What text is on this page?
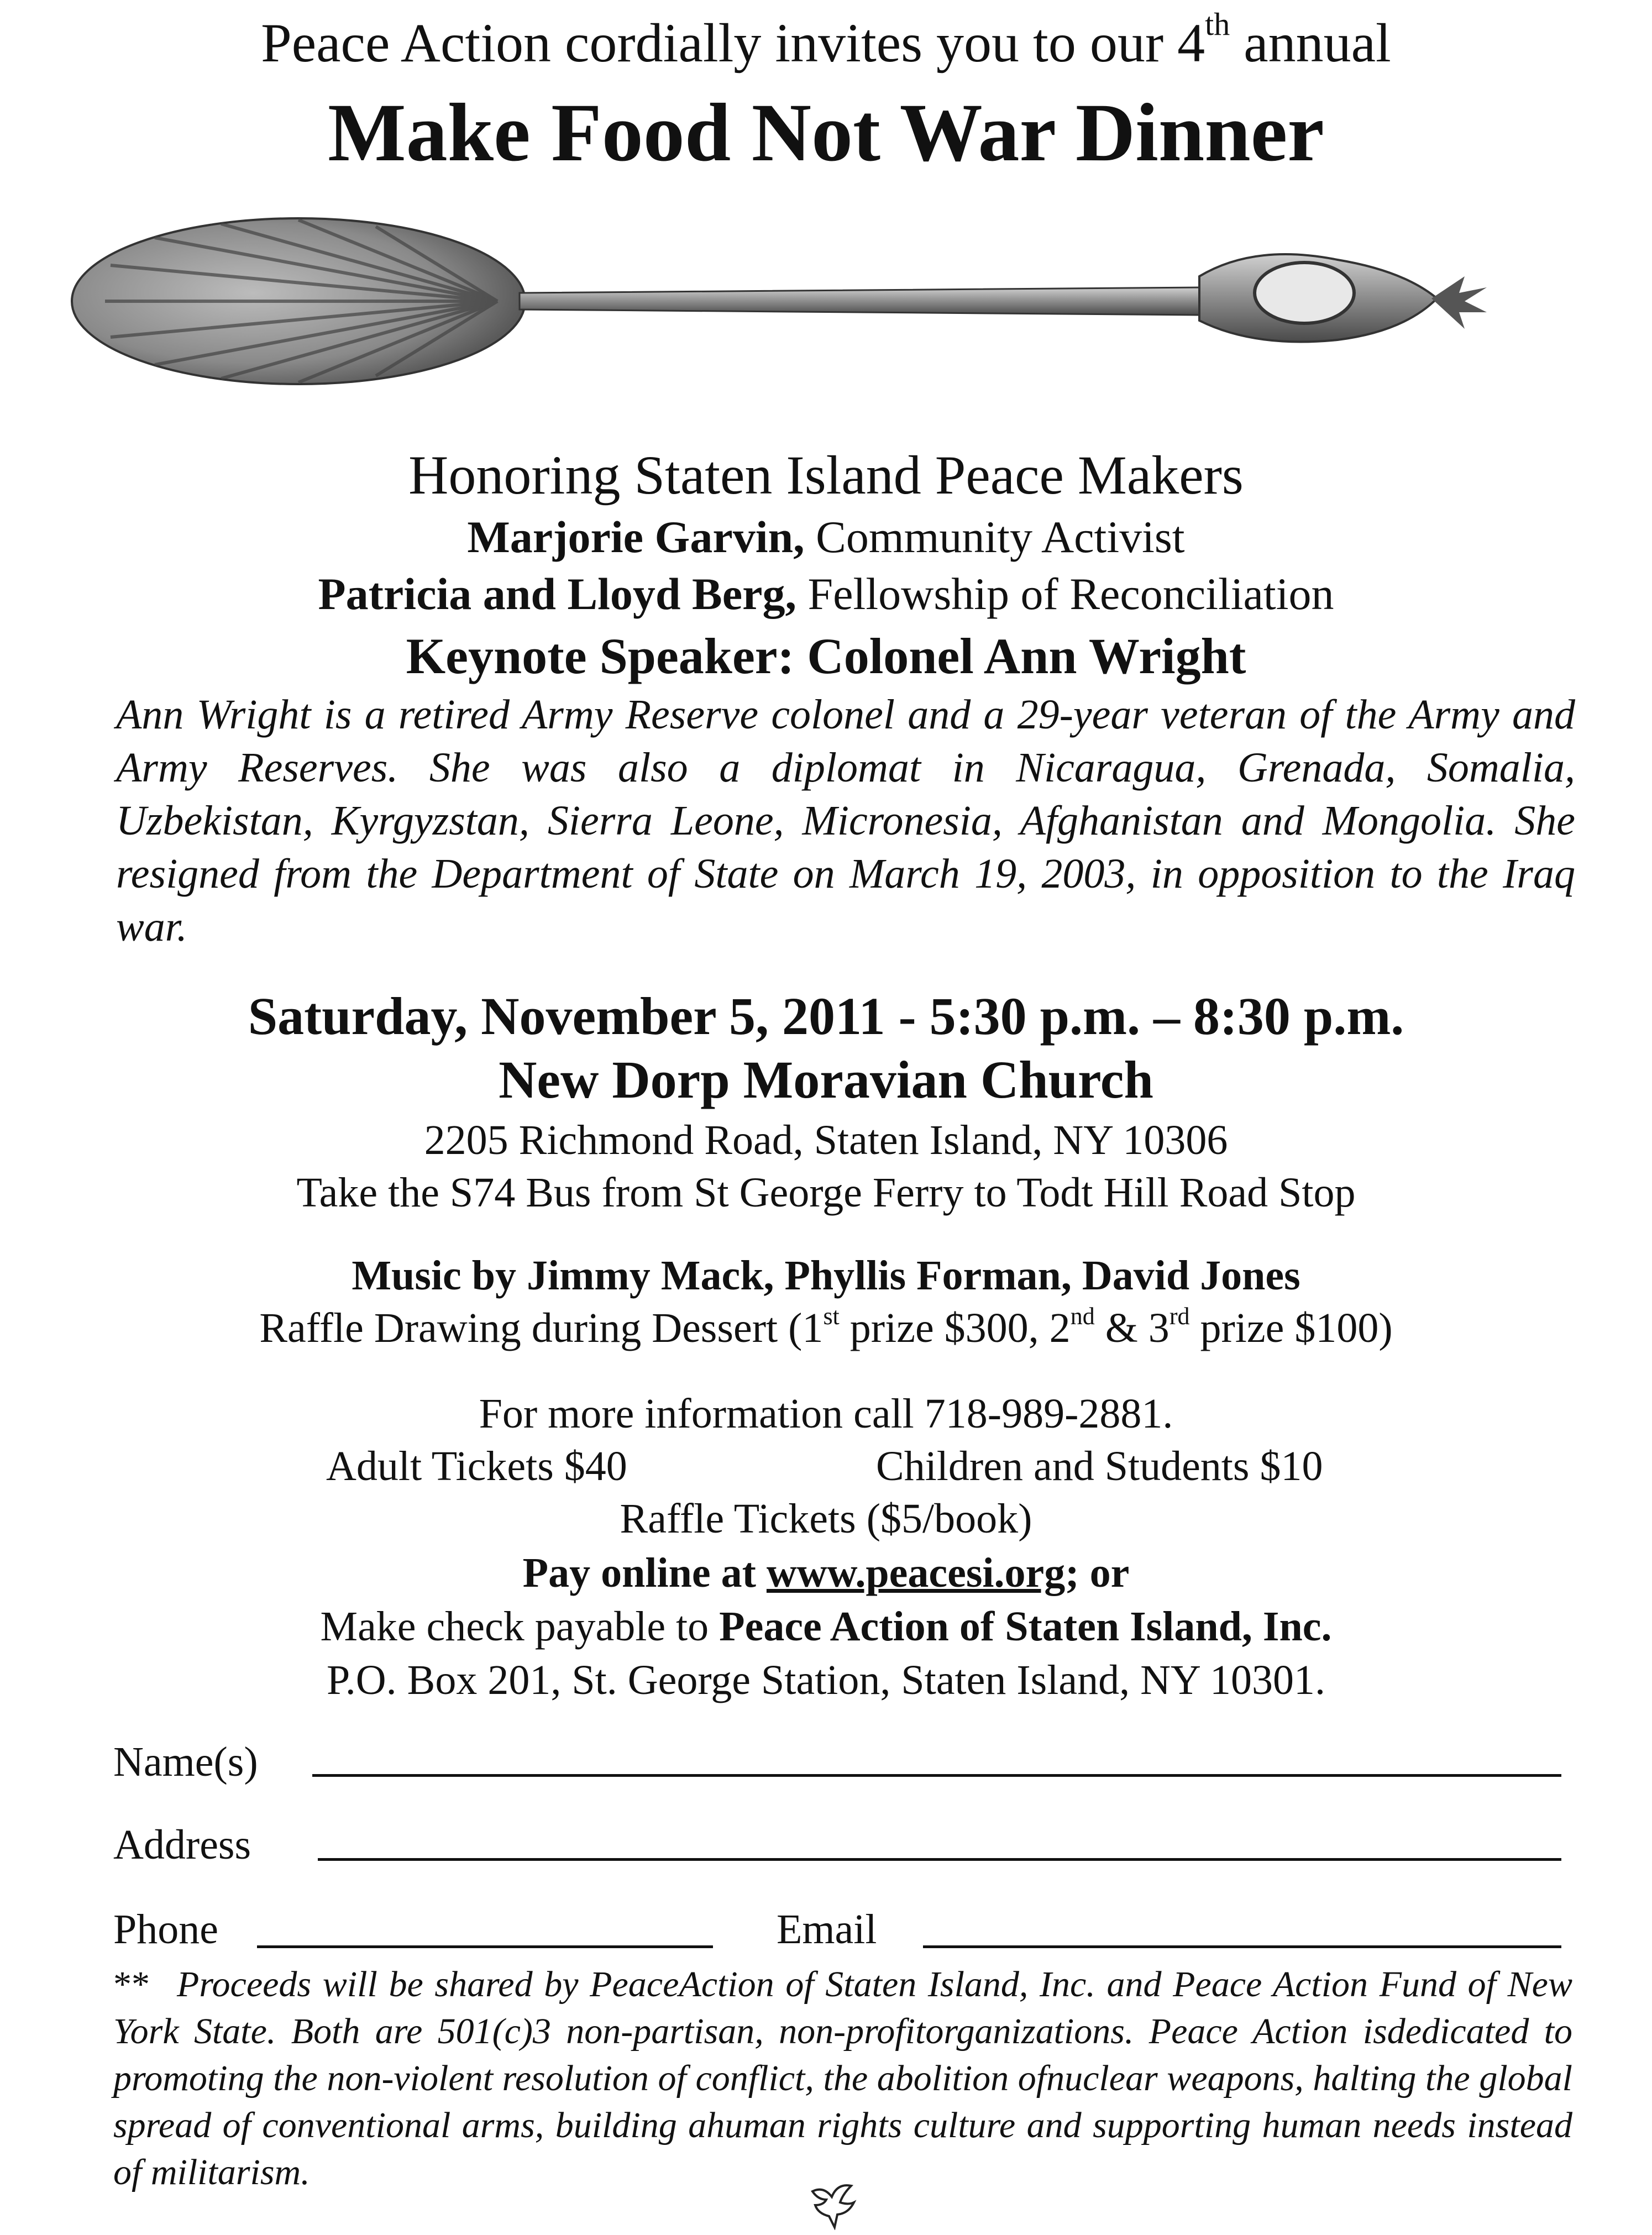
Peace Action cordially invites you to our 4th annual
Make Food Not War Dinner
Honoring Staten Island Peace Makers
Marjorie Garvin, Community Activist
Patricia and Lloyd Berg, Fellowship of Reconciliation
Keynote Speaker: Colonel Ann Wright
Ann Wright is a retired Army Reserve colonel and a 29-year veteran of the Army and Army Reserves. She was also a diplomat in Nicaragua, Grenada, Somalia, Uzbekistan, Kyrgyzstan, Sierra Leone, Micronesia, Afghanistan and Mongolia. She resigned from the Department of State on March 19, 2003, in opposition to the Iraq war.
Saturday, November 5, 2011 - 5:30 p.m. – 8:30 p.m.
New Dorp Moravian Church
2205 Richmond Road, Staten Island, NY 10306
Take the S74 Bus from St George Ferry to Todt Hill Road Stop
Music by Jimmy Mack, Phyllis Forman, David Jones
Raffle Drawing during Dessert (1st prize $300, 2nd & 3rd prize $100)
For more information call 718-989-2881.
Adult Tickets $40	Children and Students $10
Raffle Tickets ($5/book)
Pay online at www.peacesi.org; or
Make check payable to Peace Action of Staten Island, Inc.
P.O. Box 201, St. George Station, Staten Island, NY 10301.
Name(s)
Address
Phone	Email
** Proceeds will be shared by PeaceAction of Staten Island, Inc. and Peace Action Fund of New York State. Both are 501(c)3 non-partisan, non-profitorganizations. Peace Action isdedicated to promoting the non-violent resolution of conflict, the abolition ofnuclear weapons, halting the global spread of conventional arms, building ahuman rights culture and supporting human needs instead of militarism.
